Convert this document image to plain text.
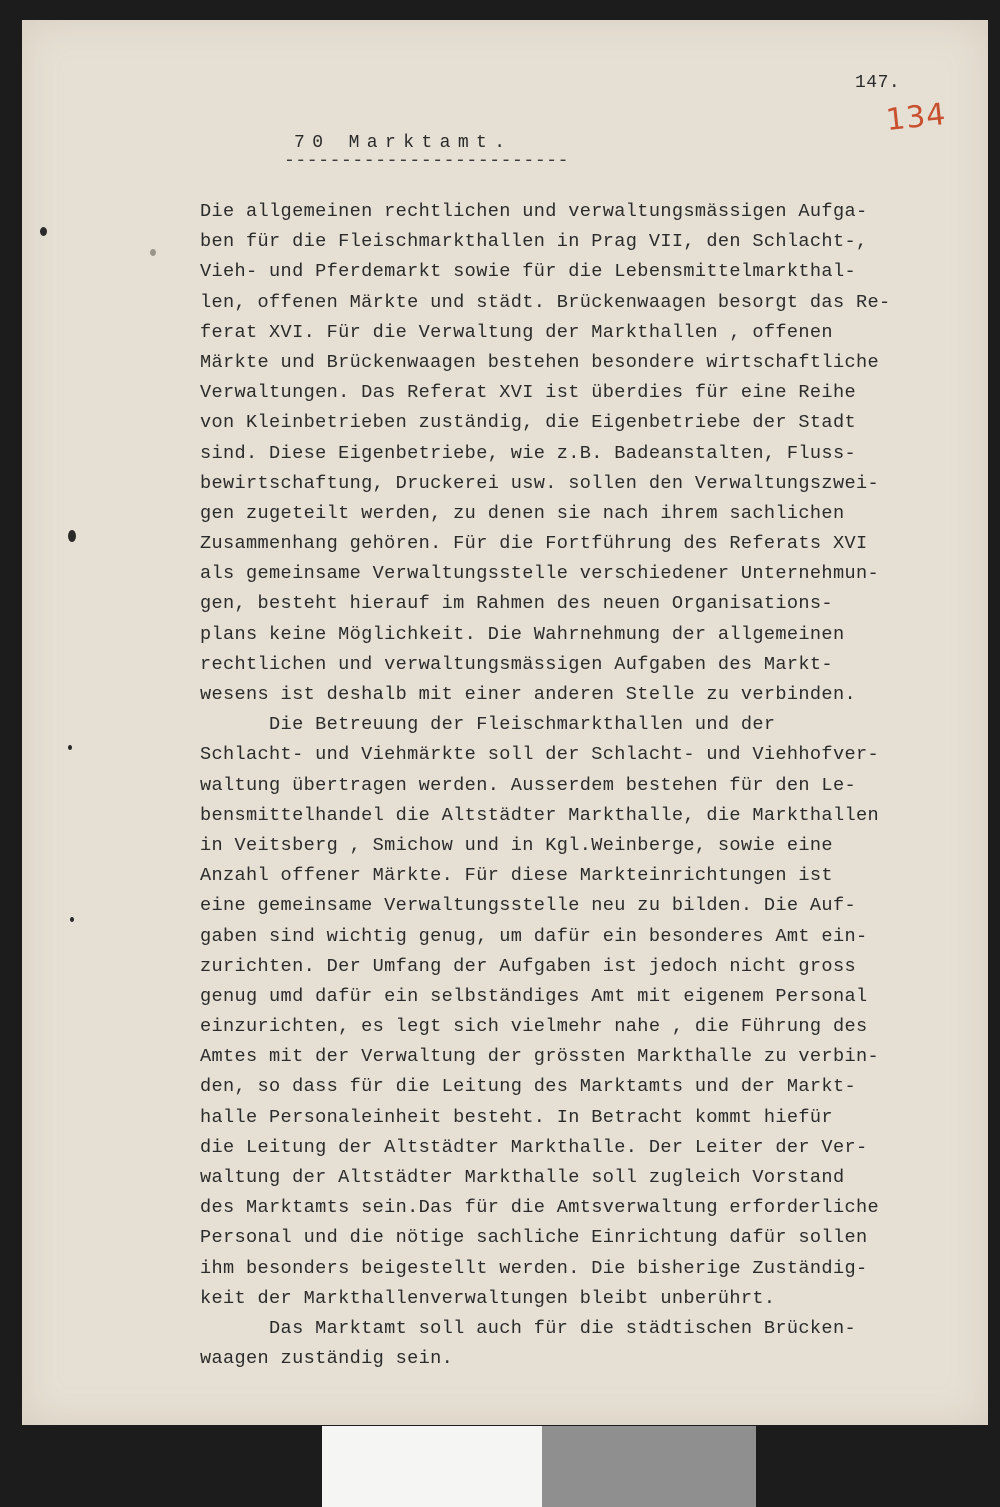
147.
134
70 Marktamt.
-------------------------
Die allgemeinen rechtlichen und verwaltungsmässigen Aufga-
ben für die Fleischmarkthallen in Prag VII, den Schlacht-,
Vieh- und Pferdemarkt sowie für die Lebensmittelmarkthal-
len, offenen Märkte und städt. Brückenwaagen besorgt das Re-
ferat XVI. Für die Verwaltung der Markthallen , offenen
Märkte und Brückenwaagen bestehen besondere wirtschaftliche
Verwaltungen. Das Referat XVI ist überdies für eine Reihe
von Kleinbetrieben zuständig, die Eigenbetriebe der Stadt
sind. Diese Eigenbetriebe, wie z.B. Badeanstalten, Fluss-
bewirtschaftung, Druckerei usw. sollen den Verwaltungszwei-
gen zugeteilt werden, zu denen sie nach ihrem sachlichen
Zusammenhang gehören. Für die Fortführung des Referats XVI
als gemeinsame Verwaltungsstelle verschiedener Unternehmun-
gen, besteht hierauf im Rahmen des neuen Organisations-
plans keine Möglichkeit. Die Wahrnehmung der allgemeinen
rechtlichen und verwaltungsmässigen Aufgaben des Markt-
wesens ist deshalb mit einer anderen Stelle zu verbinden.
Die Betreuung der Fleischmarkthallen und der
Schlacht- und Viehmärkte soll der Schlacht- und Viehhofver-
waltung übertragen werden. Ausserdem bestehen für den Le-
bensmittelhandel die Altstädter Markthalle, die Markthallen
in Veitsberg , Smichow und in Kgl.Weinberge, sowie eine
Anzahl offener Märkte. Für diese Markteinrichtungen ist
eine gemeinsame Verwaltungsstelle neu zu bilden. Die Auf-
gaben sind wichtig genug, um dafür ein besonderes Amt ein-
zurichten. Der Umfang der Aufgaben ist jedoch nicht gross
genug umd dafür ein selbständiges Amt mit eigenem Personal
einzurichten, es legt sich vielmehr nahe , die Führung des
Amtes mit der Verwaltung der grössten Markthalle zu verbin-
den, so dass für die Leitung des Marktamts und der Markt-
halle Personaleinheit besteht. In Betracht kommt hiefür
die Leitung der Altstädter Markthalle. Der Leiter der Ver-
waltung der Altstädter Markthalle soll zugleich Vorstand
des Marktamts sein.Das für die Amtsverwaltung erforderliche
Personal und die nötige sachliche Einrichtung dafür sollen
ihm besonders beigestellt werden. Die bisherige Zuständig-
keit der Markthallenverwaltungen bleibt unberührt.
Das Marktamt soll auch für die städtischen Brücken-
waagen zuständig sein.
